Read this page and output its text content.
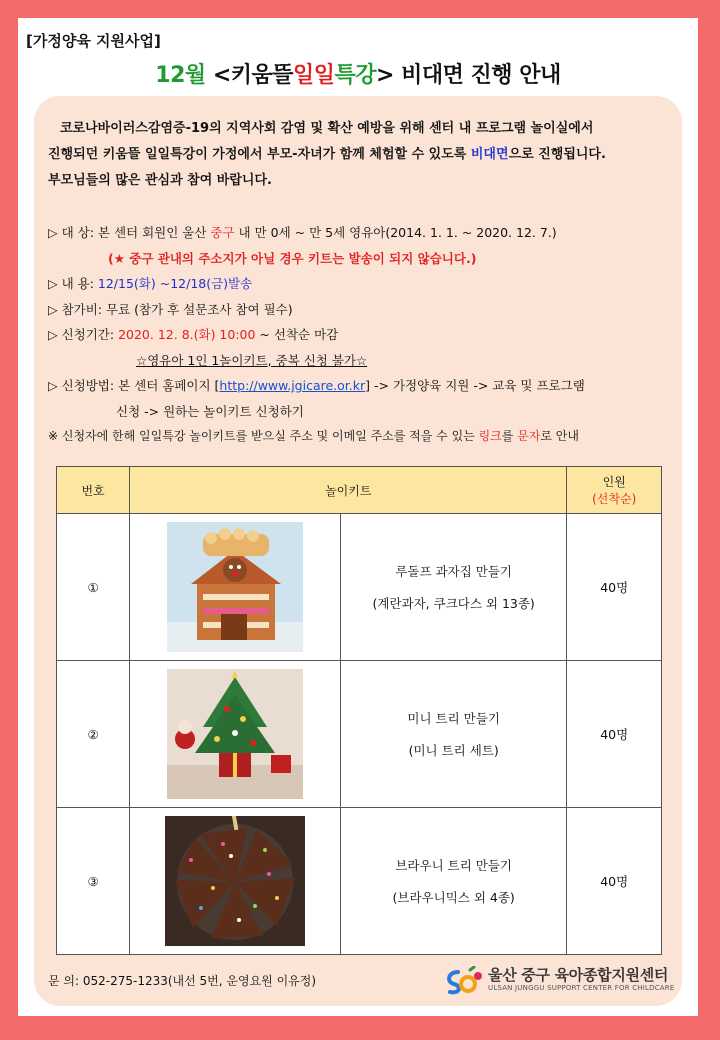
[가정양육 지원사업]
12월 <키움뜰일일특강> 비대면 진행 안내
코로나바이러스감염증-19의 지역사회 감염 및 확산 예방을 위해 센터 내 프로그램 놀이실에서
진행되던 키움뜰 일일특강이 가정에서 부모-자녀가 함께 체험할 수 있도록 비대면으로 진행됩니다.
부모님들의 많은 관심과 참여 바랍니다.
▷ 대 상: 본 센터 회원인 울산 중구 내 만 0세 ~ 만 5세 영유아(2014. 1. 1. ~ 2020. 12. 7.)
(★ 중구 관내의 주소지가 아닐 경우 키트는 발송이 되지 않습니다.)
▷ 내 용: 12/15(화) ~12/18(금)발송
▷ 참가비: 무료 (참가 후 설문조사 참여 필수)
▷ 신청기간: 2020. 12. 8.(화) 10:00 ~ 선착순 마감
☆영유아 1인 1놀이키트, 중복 신청 불가☆
▷ 신청방법: 본 센터 홈페이지 [http://www.jgicare.or.kr] -> 가정양육 지원 -> 교육 및 프로그램
신청 -> 원하는 놀이키트 신청하기
※ 신청자에 한해 일일특강 놀이키트를 받으실 주소 및 이메일 주소를 적을 수 있는 링크를 문자로 안내
번호	놀이키트		인원
(선착순)
①		루돌프 과자집 만들기
(계란과자, 쿠크다스 외 13종)	40명
②		미니 트리 만들기
(미니 트리 세트)	40명
③		브라우니 트리 만들기
(브라우니믹스 외 4종)	40명
문 의: 052-275-1233(내선 5번, 운영요원 이유정)	울산 중구 육아종합지원센터
ULSAN JUNGGU SUPPORT CENTER FOR CHILDCARE
